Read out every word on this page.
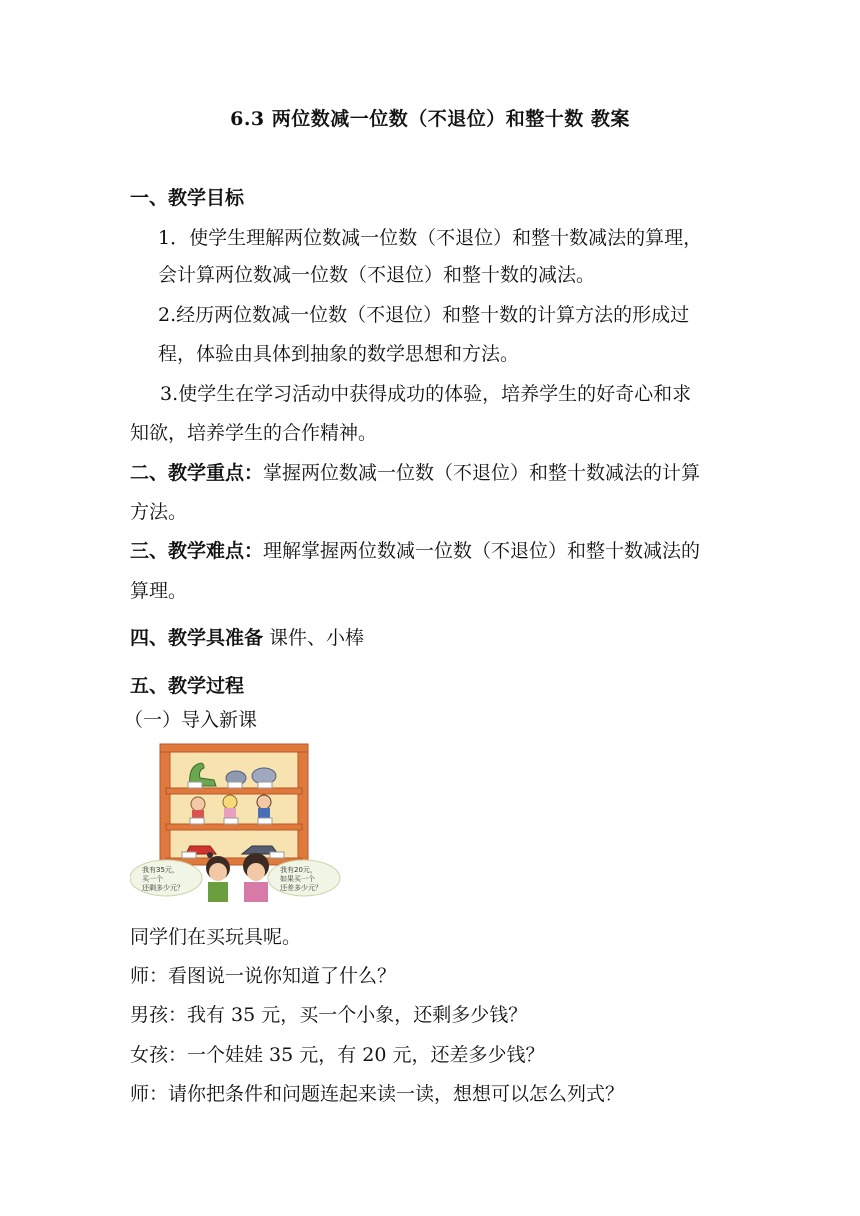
6.3 两位数减一位数（不退位）和整十数 教案
一、教学目标
1．使学生理解两位数减一位数（不退位）和整十数减法的算理，
会计算两位数减一位数（不退位）和整十数的减法。
2.经历两位数减一位数（不退位）和整十数的计算方法的形成过
程，体验由具体到抽象的数学思想和方法。
3.使学生在学习活动中获得成功的体验，培养学生的好奇心和求
知欲，培养学生的合作精神。
二、教学重点：掌握两位数减一位数（不退位）和整十数减法的计算
方法。
三、教学难点：理解掌握两位数减一位数（不退位）和整十数减法的
算理。
四、教学具准备 课件、小棒
五、教学过程
（一）导入新课
我有35元，
买一个
还剩多少元？
我有20元，
如果买一个
还差多少元？
同学们在买玩具呢。
师：看图说一说你知道了什么？
男孩：我有 35 元，买一个小象，还剩多少钱？
女孩：一个娃娃 35 元，有 20 元，还差多少钱？
师：请你把条件和问题连起来读一读，想想可以怎么列式？
